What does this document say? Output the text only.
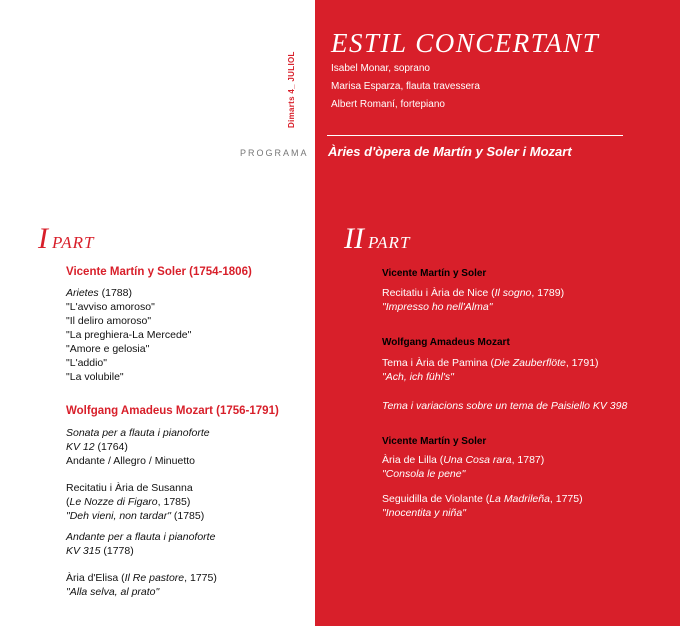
Dimarts 4_ JULIOL
ESTIL CONCERTANT
Isabel Monar, soprano
Marisa Esparza, flauta travessera
Albert Romaní, fortepiano
PROGRAMA Àries d'òpera de Martín y Soler i Mozart
I PART
Vicente Martín y Soler (1754-1806)
Arietes (1788)
"L'avviso amoroso"
"Il deliro amoroso"
"La preghiera-La Mercede"
"Amore e gelosia"
"L'addio"
"La volubile"
Wolfgang Amadeus Mozart (1756-1791)
Sonata per a flauta i pianoforte
KV 12 (1764)
Andante / Allegro / Minuetto
Recitatiu i Ària de Susanna
(Le Nozze di Figaro, 1785)
"Deh vieni, non tardar" (1785)
Andante per a flauta i pianoforte
KV 315 (1778)
Ària d'Elisa (Il Re pastore, 1775)
"Alla selva, al prato"
II PART
Vicente Martín y Soler
Recitatiu i Ària de Nice (Il sogno, 1789)
"Impresso ho nell'Alma"
Wolfgang Amadeus Mozart
Tema i Ària de Pamina (Die Zauberflöte, 1791)
"Ach, ich fühl's"
Tema i variacions sobre un tema de Paisiello KV 398
Vicente Martín y Soler
Ària de Lilla (Una Cosa rara, 1787)
"Consola le pene"
Seguidilla de Violante (La Madrileña, 1775)
"Inocentita y niña"
